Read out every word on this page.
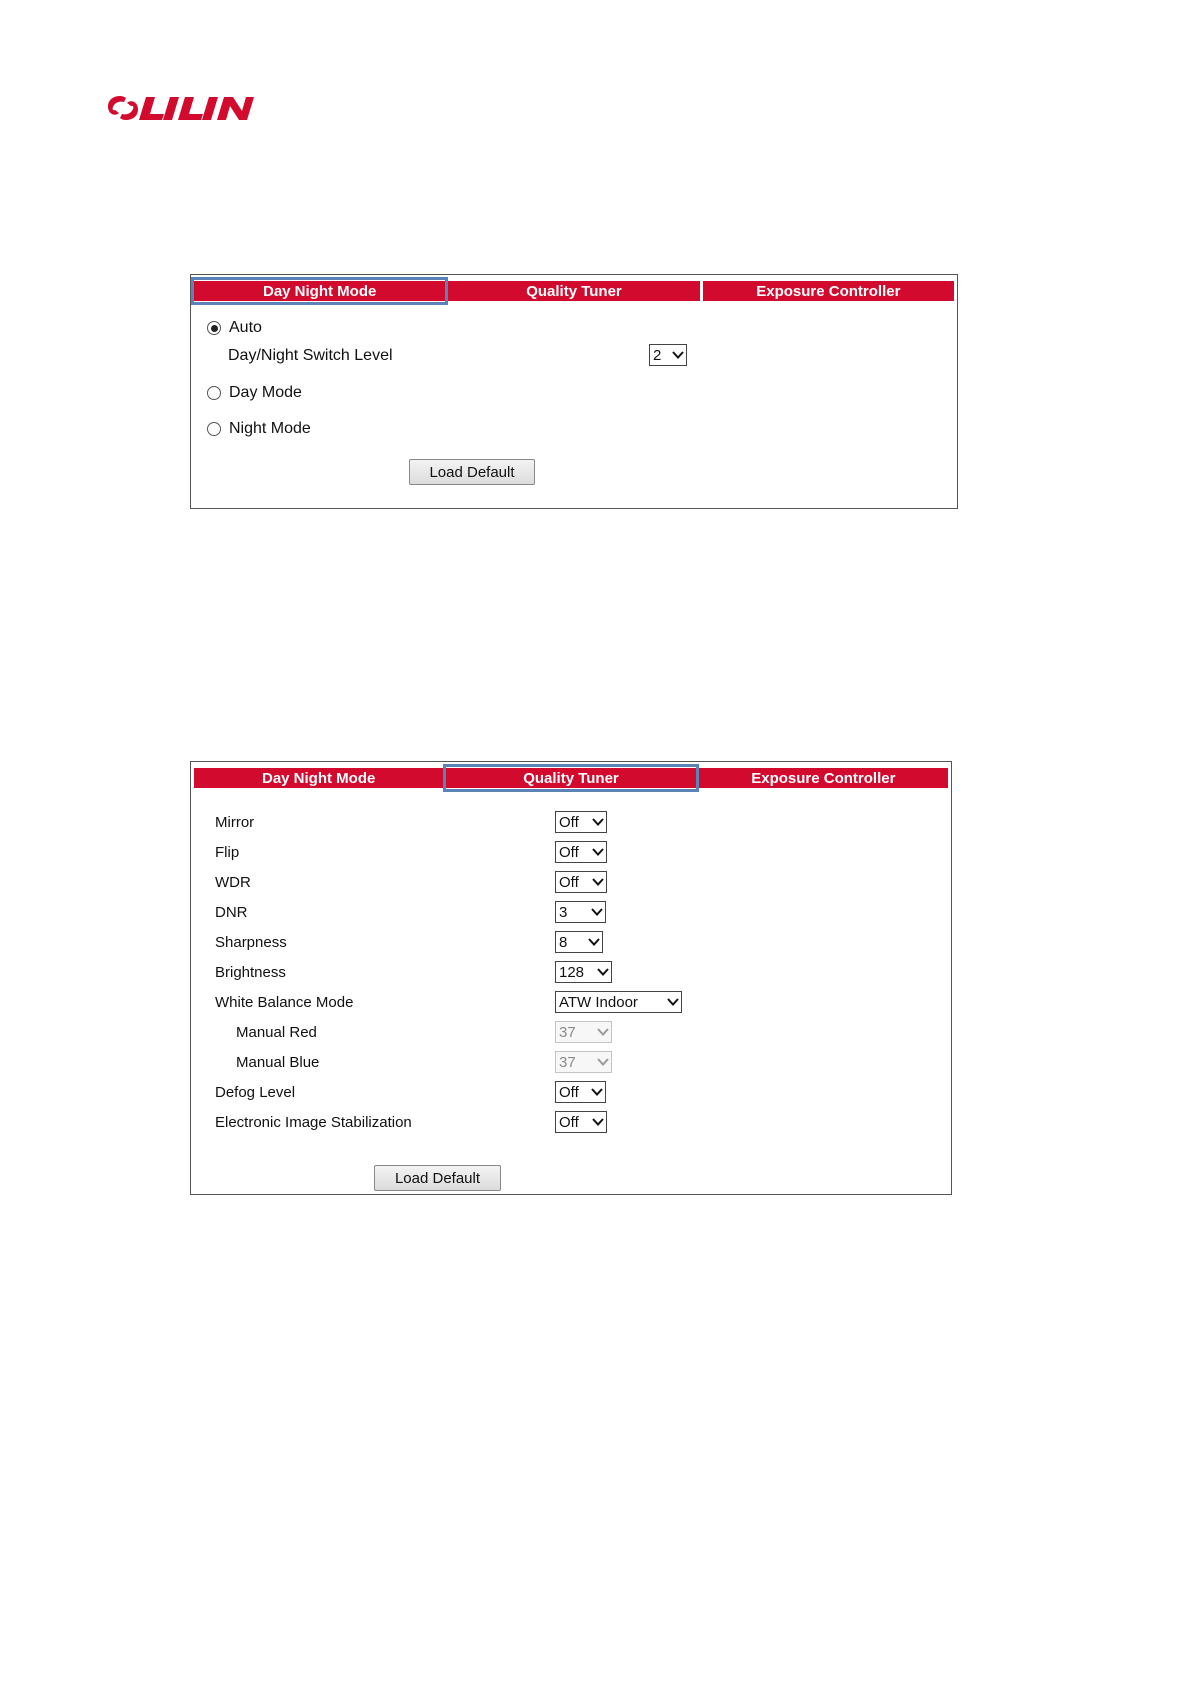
Day Night Mode	Quality Tuner	Exposure Controller
Auto
Day/Night Switch Level	2
Day Mode
Night Mode
Load Default
Day Night Mode	Quality Tuner	Exposure Controller
Mirror	Off
Flip	Off
WDR	Off
DNR	3
Sharpness	8
Brightness	128
White Balance Mode	ATW Indoor
Manual Red	37
Manual Blue	37
Defog Level	Off
Electronic Image Stabilization	Off
Load Default
